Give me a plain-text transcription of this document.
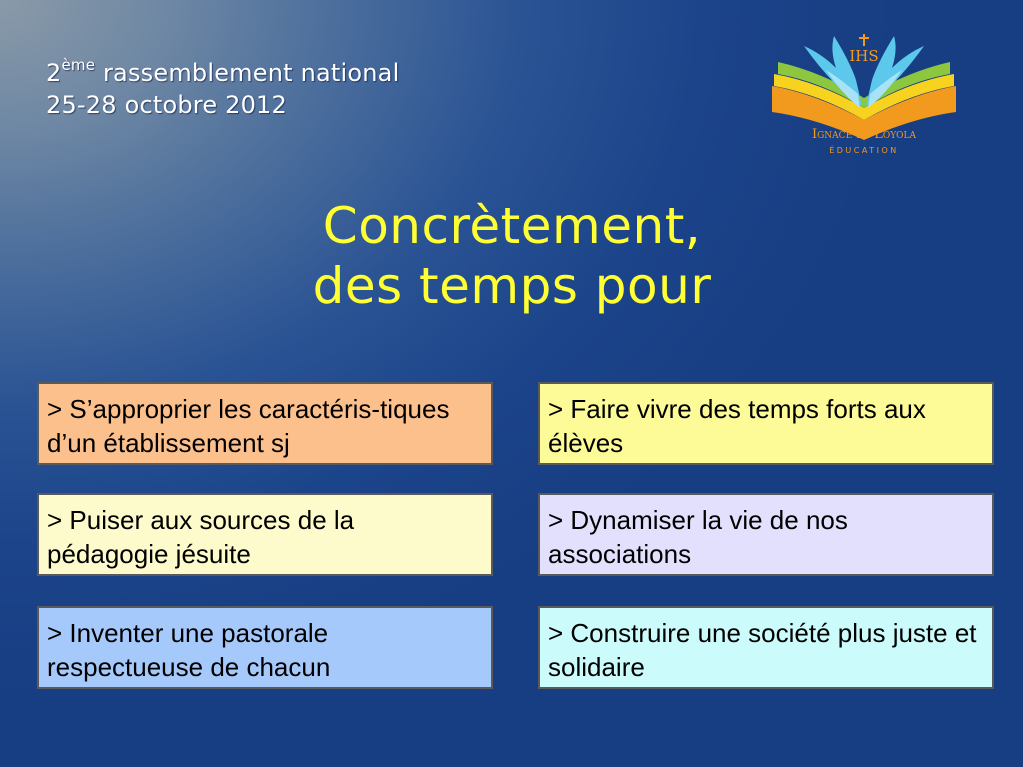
2ème rassemblement national
25-28 octobre 2012
IHS
Ignace de Loyola
ÉDUCATION
Concrètement,
des temps pour
> S’approprier les caractéris-tiques d’un établissement sj
> Faire vivre des temps forts aux élèves
> Puiser aux sources de la pédagogie jésuite
> Dynamiser la vie de nos associations
> Inventer une pastorale respectueuse de chacun
> Construire une société plus juste et solidaire
